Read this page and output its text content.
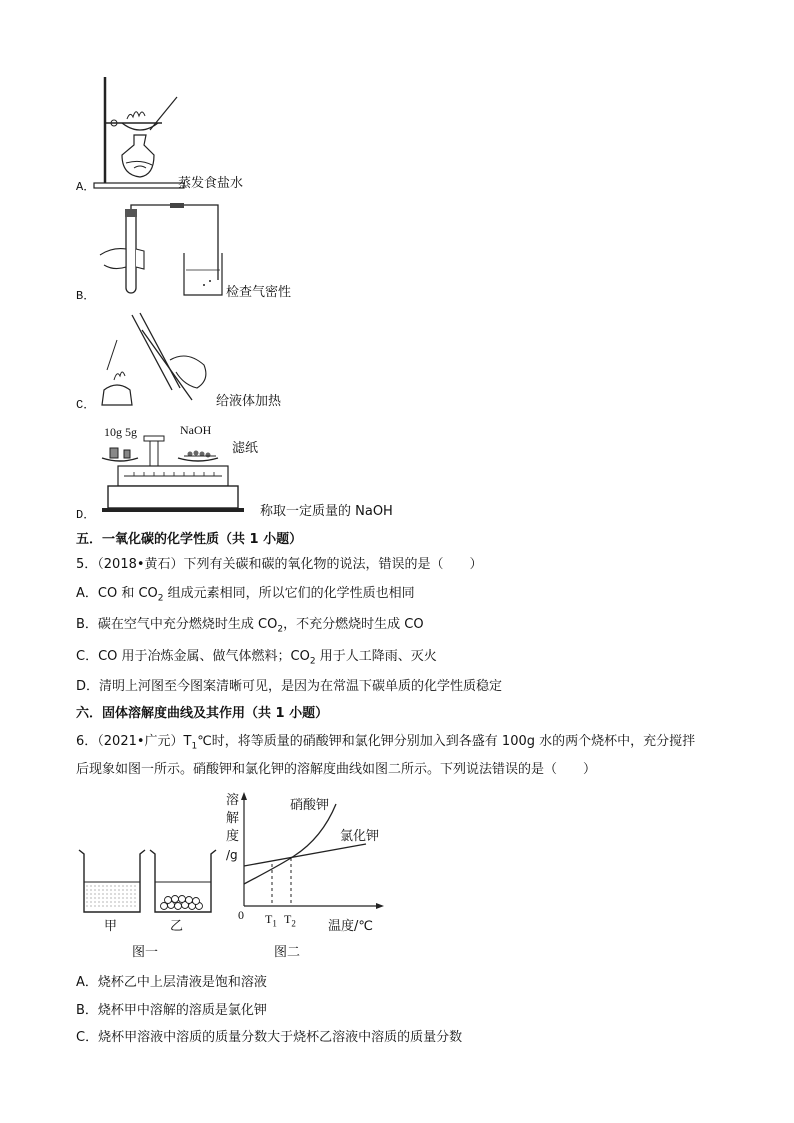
A．	蒸发食盐水
B．	检查气密性
C．	给液体加热
10g 5g	NaOH
滤纸
D．	称取一定质量的 NaOH
五．一氧化碳的化学性质（共 1 小题）
5．（2018•黄石）下列有关碳和碳的氧化物的说法，错误的是（　　）
A．CO 和 $CO_2$ 组成元素相同，所以它们的化学性质也相同
B．碳在空气中充分燃烧时生成 $CO_2$，不充分燃烧时生成 CO
C．CO 用于冶炼金属、做气体燃料；$CO_2$ 用于人工降雨、灭火
D．清明上河图至今图案清晰可见，是因为在常温下碳单质的化学性质稳定
六．固体溶解度曲线及其作用（共 1 小题）
6．（2021•广元）$T_1℃$时，将等质量的硝酸钾和氯化钾分别加入到各盛有 100g 水的两个烧杯中，充分搅拌
后现象如图一所示。硝酸钾和氯化钾的溶解度曲线如图二所示。下列说法错误的是（　　）
甲	乙
图一
溶
解
度
/g
硝酸钾
氯化钾
0 $T_1$ $T_2$ 温度/℃
图二
A．烧杯乙中上层清液是饱和溶液
B．烧杯甲中溶解的溶质是氯化钾
C．烧杯甲溶液中溶质的质量分数大于烧杯乙溶液中溶质的质量分数
